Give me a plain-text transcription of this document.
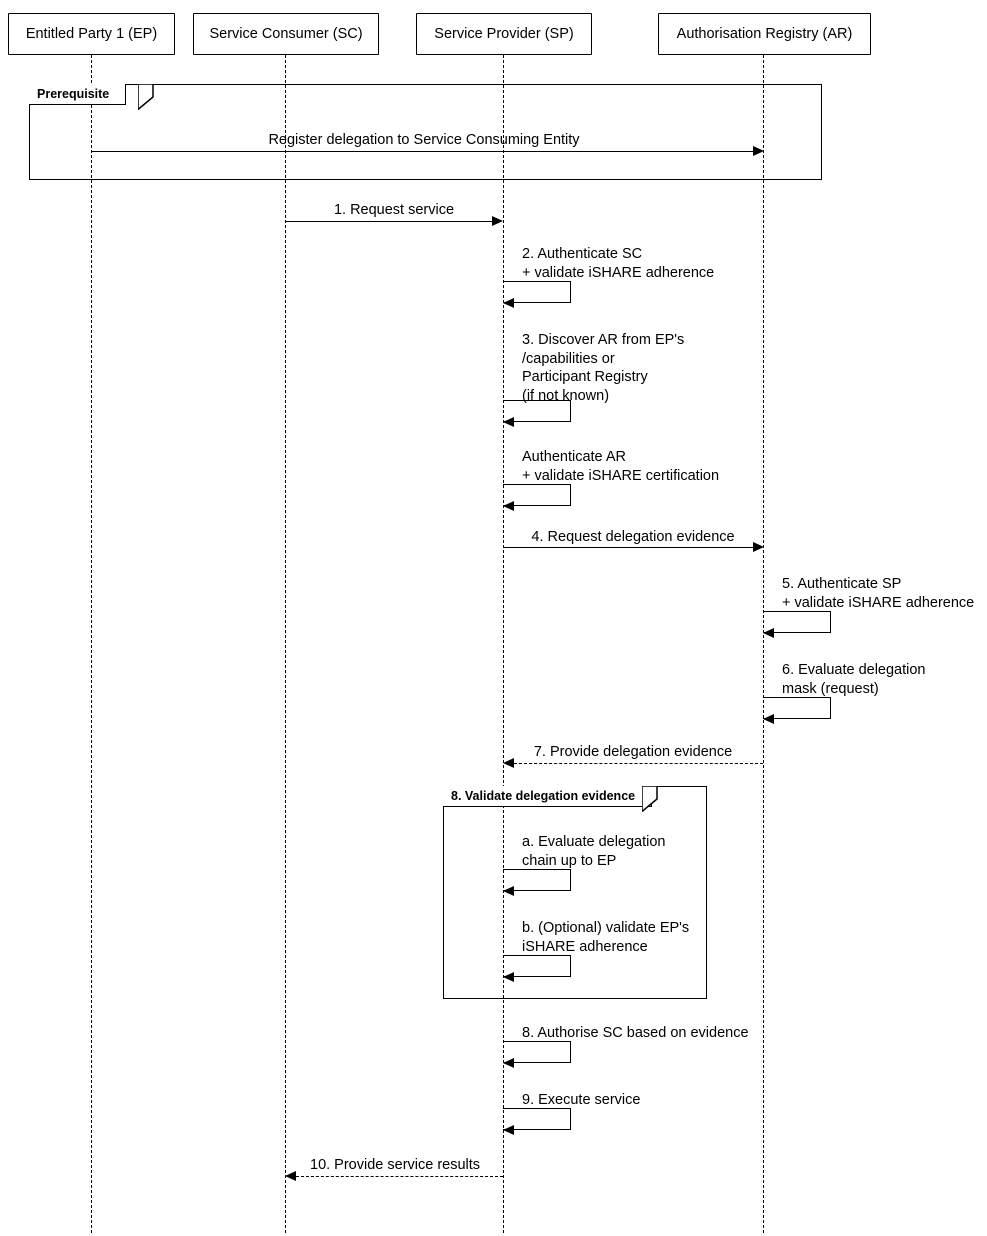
Entitled Party 1 (EP)	Service Consumer (SC)	Service Provider (SP)	Authorisation Registry (AR)
Prerequisite
Register delegation to Service Consuming Entity
1. Request service
2. Authenticate SC
+ validate iSHARE adherence
3. Discover AR from EP's
/capabilities or
Participant Registry
(if not known)
Authenticate AR
+ validate iSHARE certification
4. Request delegation evidence
5. Authenticate SP
+ validate iSHARE adherence
6. Evaluate delegation
mask (request)
7. Provide delegation evidence
8. Validate delegation evidence
a. Evaluate delegation
chain up to EP
b. (Optional) validate EP's
iSHARE adherence
8. Authorise SC based on evidence
9. Execute service
10. Provide service results
